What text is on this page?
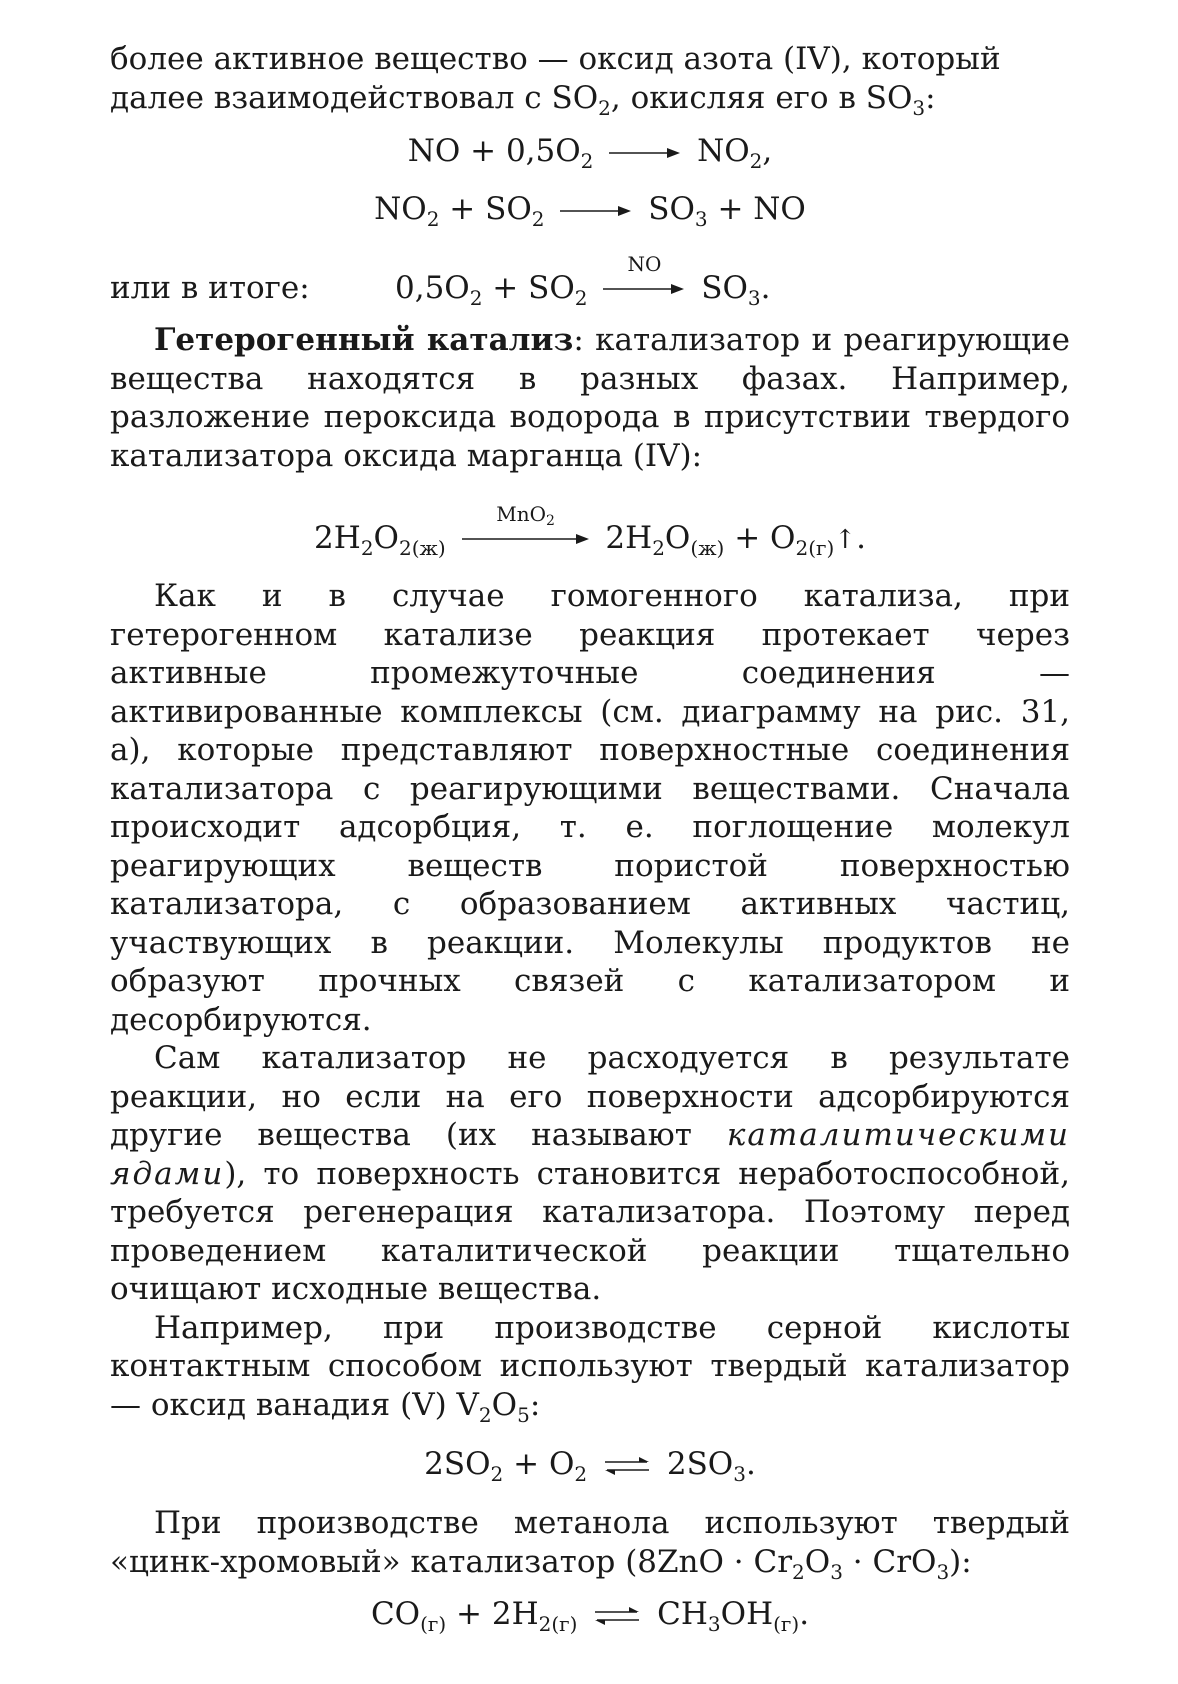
более активное вещество — оксид азота (IV), который
далее взаимодействовал с $SO_2$, окисляя его в $SO_3$:

NO + $0,5O_2$	$NO_2$,
$NO_2 + SO_2$	$SO_3$ + NO
или в итоге:	$0,5O_2 + SO_2$
NO
$SO_3$.

Гетерогенный катализ: катализатор и реагирующие вещества находятся в разных фазах. Например, разложение пероксида водорода в присутствии твердого катализатора оксида марганца (IV):

$2H_2O_{2(ж)}$
MnO$_2$	$2H_2O_{(ж)}$ + $O_{2(г)}↑$.

Как и в случае гомогенного катализа, при гетерогенном катализе реакция протекает через активные промежуточные соединения — активированные комплексы (см. диаграмму на рис. 31, а), которые представляют поверхностные соединения катализатора с реагирующими веществами. Сначала происходит адсорбция, т. е. поглощение молекул реагирующих веществ пористой поверхностью катализатора, с образованием активных частиц, участвующих в реакции. Молекулы продуктов не образуют прочных связей с катализатором и десорбируются.

Сам катализатор не расходуется в результате реакции, но если на его поверхности адсорбируются другие вещества (их называют каталитическими ядами), то поверхность становится неработоспособной, требуется регенерация катализатора. Поэтому перед проведением каталитической реакции тщательно очищают исходные вещества.

Например, при производстве серной кислоты контактным способом используют твердый катализатор — оксид ванадия (V) $V_2O_5$:

$2SO_2 + O_2$ ⇌ $2SO_3$.

При производстве метанола используют твердый «цинк-хромовый» катализатор $(8ZnO \cdot Cr_2O_3 \cdot CrO_3)$:

$CO_{(г)} + 2H_{2(г)}$ ⇌ $CH_3OH_{(г)}$.
